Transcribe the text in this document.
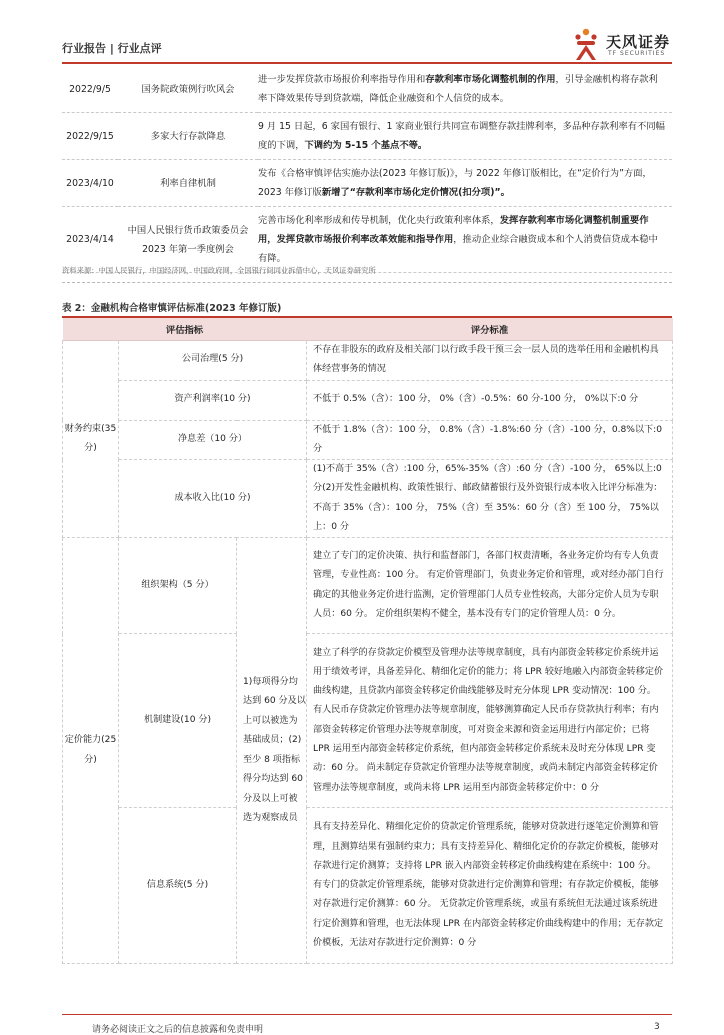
行业报告 | 行业点评	天风证券
TF SECURITIES
2022/9/5	国务院政策例行吹风会	进一步发挥贷款市场报价利率指导作用和存款利率市场化调整机制的作用，引导金融机构将存款利率下降效果传导到贷款端，降低企业融资和个人信贷的成本。
2022/9/15	多家大行存款降息	9 月 15 日起，6 家国有银行、1 家商业银行共同宣布调整存款挂牌利率，多品种存款利率有不同幅度的下调，下调约为 5-15 个基点不等。
2023/4/10	利率自律机制	发布《合格审慎评估实施办法(2023 年修订版)》，与 2022 年修订版相比，在“定价行为”方面，2023 年修订版新增了“存款利率市场化定价情况(扣分项)”。
2023/4/14	中国人民银行货币政策委员会 2023 年第一季度例会	完善市场化利率形成和传导机制，优化央行政策利率体系，发挥存款利率市场化调整机制重要作用，发挥贷款市场报价利率改革效能和指导作用，推动企业综合融资成本和个人消费信贷成本稳中有降。
资料来源：中国人民银行，中国经济网，中国政府网，全国银行间同业拆借中心，天风证券研究所
表 2：金融机构合格审慎评估标准(2023 年修订版)
评估指标			评分标准
财务约束(35 分)	公司治理(5 分)		不存在非股东的政府及相关部门以行政手段干预三会一层人员的选举任用和金融机构具体经营事务的情况
	资产利润率(10 分)		不低于 0.5%（含）：100 分， 0%（含）-0.5%：60 分-100 分， 0%以下:0 分
	净息差（10 分）		不低于 1.8%（含）：100 分， 0.8%（含）-1.8%:60 分（含）-100 分，0.8%以下:0 分
	成本收入比(10 分)		(1)不高于 35%（含）:100 分，65%-35%（含）:60 分（含）-100 分， 65%以上:0 分(2)开发性金融机构、政策性银行、邮政储蓄银行及外资银行成本收入比评分标准为： 不高于 35%（含）：100 分， 75%（含）至 35%：60 分（含）至 100 分， 75%以上：0 分
定价能力(25 分)	组织架构（5 分）	1)每项得分均达到 60 分及以上可以被选为基础成员；(2)至少 8 项指标得分均达到 60 分及以上可被选为观察成员	建立了专门的定价决策、执行和监督部门，各部门权责清晰，各业务定价均有专人负责管理，专业性高：100 分。 有定价管理部门，负责业务定价和管理，或对经办部门自行确定的其他业务定价进行监测，定价管理部门人员专业性较高，大部分定价人员为专职人员：60 分。 定价组织架构不健全，基本没有专门的定价管理人员：0 分。
	机制建设(10 分)		建立了科学的存贷款定价模型及管理办法等规章制度，具有内部资金转移定价系统并运用于绩效考评，具备差异化、精细化定价的能力；将 LPR 较好地融入内部资金转移定价曲线构建，且贷款内部资金转移定价曲线能够及时充分体现 LPR 变动情况：100 分。 有人民币存贷款定价管理办法等规章制度，能够测算确定人民币存贷款执行利率；有内部资金转移定价管理办法等规章制度，可对资金来源和资金运用进行内部定价；已将 LPR 运用至内部资金转移定价系统，但内部资金转移定价系统未及时充分体现 LPR 变动：60 分。 尚未制定存贷款定价管理办法等规章制度，或尚未制定内部资金转移定价管理办法等规章制度，或尚未将 LPR 运用至内部资金转移定价中：0 分
	信息系统(5 分)		具有支持差异化、精细化定价的贷款定价管理系统，能够对贷款进行逐笔定价测算和管理，且测算结果有强制约束力；具有支持差异化、精细化定价的存款定价模板，能够对存款进行定价测算；支持将 LPR 嵌入内部资金转移定价曲线构建在系统中：100 分。 有专门的贷款定价管理系统，能够对贷款进行定价测算和管理；有存款定价模板，能够对存款进行定价测算：60 分。 无贷款定价管理系统，或虽有系统但无法通过该系统进行定价测算和管理，也无法体现 LPR 在内部资金转移定价曲线构建中的作用；无存款定价模板，无法对存款进行定价测算：0 分
请务必阅读正文之后的信息披露和免责申明	3
